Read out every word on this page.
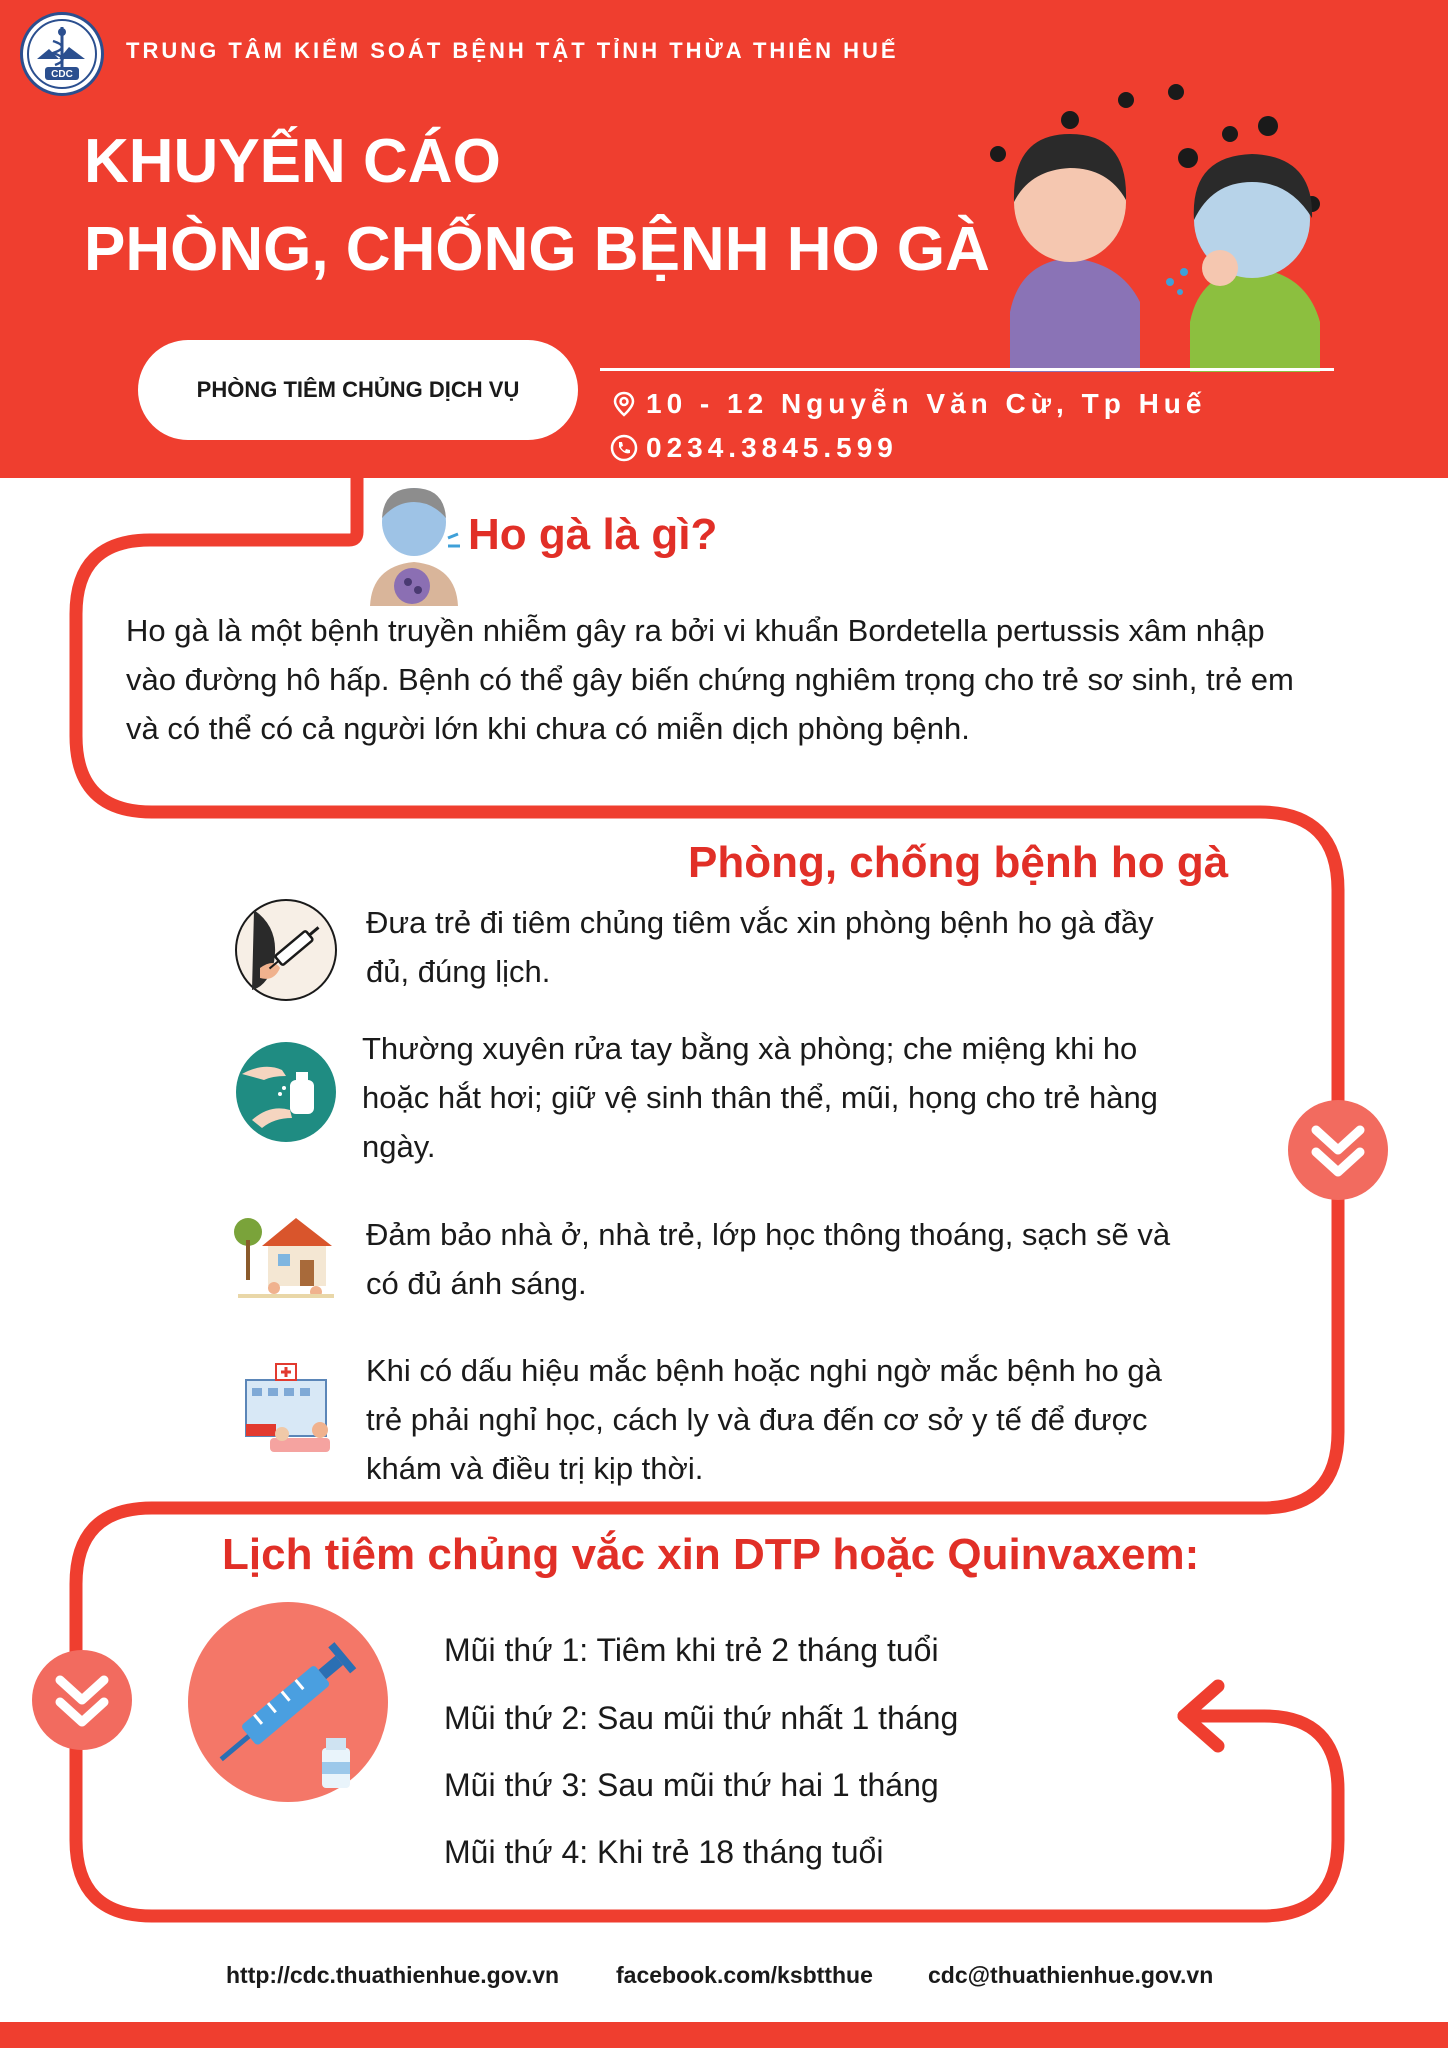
CDC
TRUNG TÂM KIỂM SOÁT BỆNH TẬT TỈNH THỪA THIÊN HUẾ
KHUYẾN CÁO
PHÒNG, CHỐNG BỆNH HO GÀ
PHÒNG TIÊM CHỦNG DỊCH VỤ	10 - 12 Nguyễn Văn Cừ, Tp Huế
0234.3845.599
Ho gà là gì?
Ho gà là một bệnh truyền nhiễm gây ra bởi vi khuẩn Bordetella pertussis xâm nhập vào đường hô hấp. Bệnh có thể gây biến chứng nghiêm trọng cho trẻ sơ sinh, trẻ em và có thể có cả người lớn khi chưa có miễn dịch phòng bệnh.
Phòng, chống bệnh ho gà
Đưa trẻ đi tiêm chủng tiêm vắc xin phòng bệnh ho gà đầy đủ, đúng lịch.
Thường xuyên rửa tay bằng xà phòng; che miệng khi ho hoặc hắt hơi; giữ vệ sinh thân thể, mũi, họng cho trẻ hàng ngày.
Đảm bảo nhà ở, nhà trẻ, lớp học thông thoáng, sạch sẽ và có đủ ánh sáng.
Khi có dấu hiệu mắc bệnh hoặc nghi ngờ mắc bệnh ho gà trẻ phải nghỉ học, cách ly và đưa đến cơ sở y tế để được khám và điều trị kịp thời.
Lịch tiêm chủng vắc xin DTP hoặc Quinvaxem:
Mũi thứ 1: Tiêm khi trẻ 2 tháng tuổi
Mũi thứ 2: Sau mũi thứ nhất 1 tháng
Mũi thứ 3: Sau mũi thứ hai 1 tháng
Mũi thứ 4: Khi trẻ 18 tháng tuổi
http://cdc.thuathienhue.gov.vn facebook.com/ksbtthue cdc@thuathienhue.gov.vn
